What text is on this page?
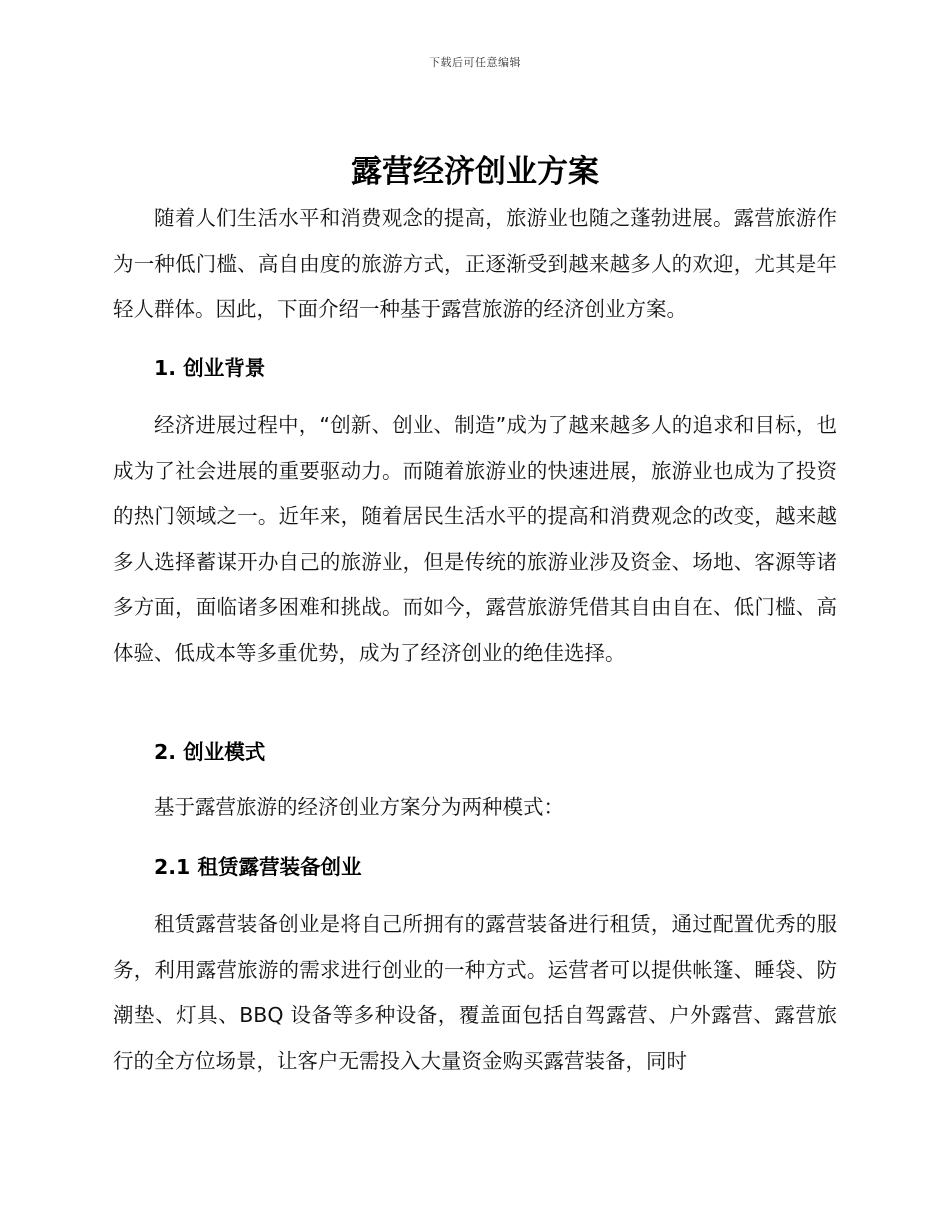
下载后可任意编辑
露营经济创业方案

随着人们生活水平和消费观念的提高，旅游业也随之蓬勃进展。露营旅游作为一种低门槛、高自由度的旅游方式，正逐渐受到越来越多人的欢迎，尤其是年轻人群体。因此，下面介绍一种基于露营旅游的经济创业方案。

1. 创业背景

经济进展过程中，“创新、创业、制造”成为了越来越多人的追求和目标，也成为了社会进展的重要驱动力。而随着旅游业的快速进展，旅游业也成为了投资的热门领域之一。近年来，随着居民生活水平的提高和消费观念的改变，越来越多人选择蓄谋开办自己的旅游业，但是传统的旅游业涉及资金、场地、客源等诸多方面，面临诸多困难和挑战。而如今，露营旅游凭借其自由自在、低门槛、高体验、低成本等多重优势，成为了经济创业的绝佳选择。

2. 创业模式

基于露营旅游的经济创业方案分为两种模式：

2.1 租赁露营装备创业

租赁露营装备创业是将自己所拥有的露营装备进行租赁，通过配置优秀的服务，利用露营旅游的需求进行创业的一种方式。运营者可以提供帐篷、睡袋、防潮垫、灯具、BBQ 设备等多种设备，覆盖面包括自驾露营、户外露营、露营旅行的全方位场景，让客户无需投入大量资金购买露营装备，同时
